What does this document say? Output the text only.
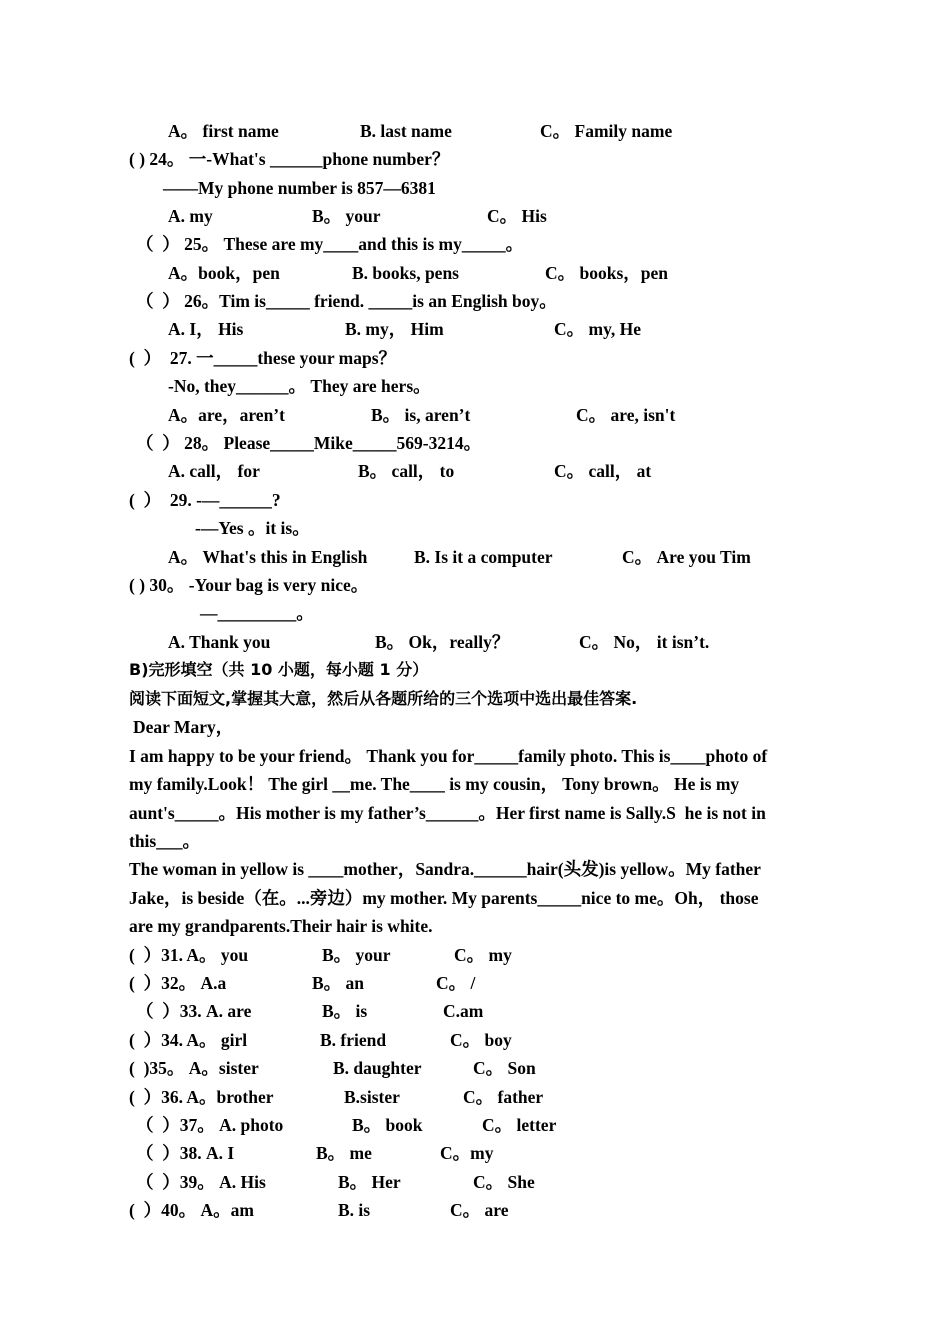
A。 first name	B. last name	C。 Family name
( ) 24。 一-What's ______phone number？
——My phone number is 857—6381
A. my	B。 your	C。 His
（  ） 25。 These are my____and this is my_____。
A。book，pen	B. books, pens	C。 books，pen
（  ） 26。Tim is_____ friend. _____is an English boy。
A. I， His	B. my， Him	C。 my, He
(  ）  27. 一_____these your maps？
-No, they______。 They are hers。
A。are，aren’t	B。 is, aren’t	C。 are, isn't
（  ） 28。 Please_____Mike_____569-3214。
A. call， for	B。 call， to	C。 call， at
(  ）  29. -—______?
-—Yes 。it is。
A。 What's this in English	B. Is it a computer	C。 Are you Tim
( ) 30。 -Your bag is very nice。
—_________。
A. Thank you	B。 Ok，really？	C。 No， it isn’t.
B)完形填空（共 10 小题，每小题 1 分）
阅读下面短文,掌握其大意，然后从各题所给的三个选项中选出最佳答案.
Dear Mary，
I am happy to be your friend。 Thank you for_____family photo. This is____photo of
my family.Look！ The girl __me. The____ is my cousin， Tony brown。 He is my
aunt's_____。His mother is my father’s______。Her first name is Sally.S  he is not in
this___。
The woman in yellow is ____mother，Sandra.______hair(头发)is yellow。My father
Jake，is beside（在。...旁边）my mother. My parents_____nice to me。Oh， those
are my grandparents.Their hair is white.
(  ）31. A。 you	B。 your	C。 my
(  ）32。 A.a	B。 an	C。 /
（  ）33. A. are	B。 is	C.am
(  ）34. A。 girl	B. friend	C。 boy
(  )35。 A。sister	B. daughter	C。 Son
(  ）36. A。brother	B.sister	C。 father
（  ）37。 A. photo	B。 book	C。 letter
（  ）38. A. I	B。 me	C。my
（  ）39。 A. His	B。 Her	C。 She
(  ）40。 A。am	B. is	C。 are
